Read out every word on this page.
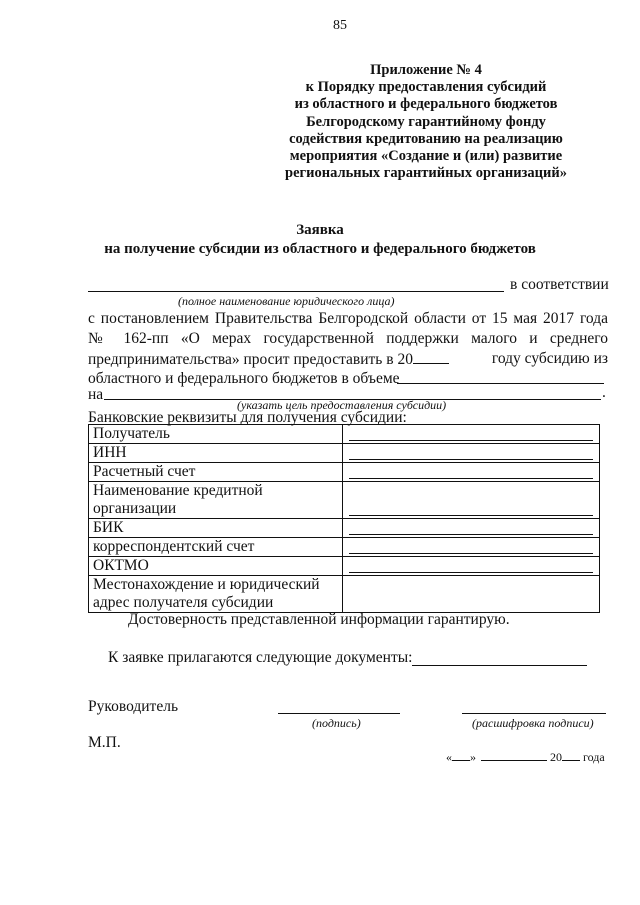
85
Приложение № 4
к Порядку предоставления субсидий
из областного и федерального бюджетов
Белгородскому гарантийному фонду
содействия кредитованию на реализацию
мероприятия «Создание и (или) развитие
региональных гарантийных организаций»
Заявка
на получение субсидии из областного и федерального бюджетов
в соответствии
(полное наименование юридического лица)
с постановлением Правительства Белгородской области от 15 мая 2017 года
№ 162-пп «О мерах государственной поддержки малого и среднего
предпринимательства» просит предоставить в 20	году субсидию из
областного и федерального бюджетов в объеме
на	.
(указать цель предоставления субсидии)
Банковские реквизиты для получения субсидии:
Получатель	

ИНН	

Расчетный счет	

Наименование кредитной организации	

БИК	

корреспондентский счет	

ОКТМО	

Местонахождение и юридический адрес получателя субсидии	
Достоверность представленной информации гарантирую.
К заявке прилагаются следующие документы:
Руководитель
(подпись)	(расшифровка подписи)
М.П.
« »	20 года
